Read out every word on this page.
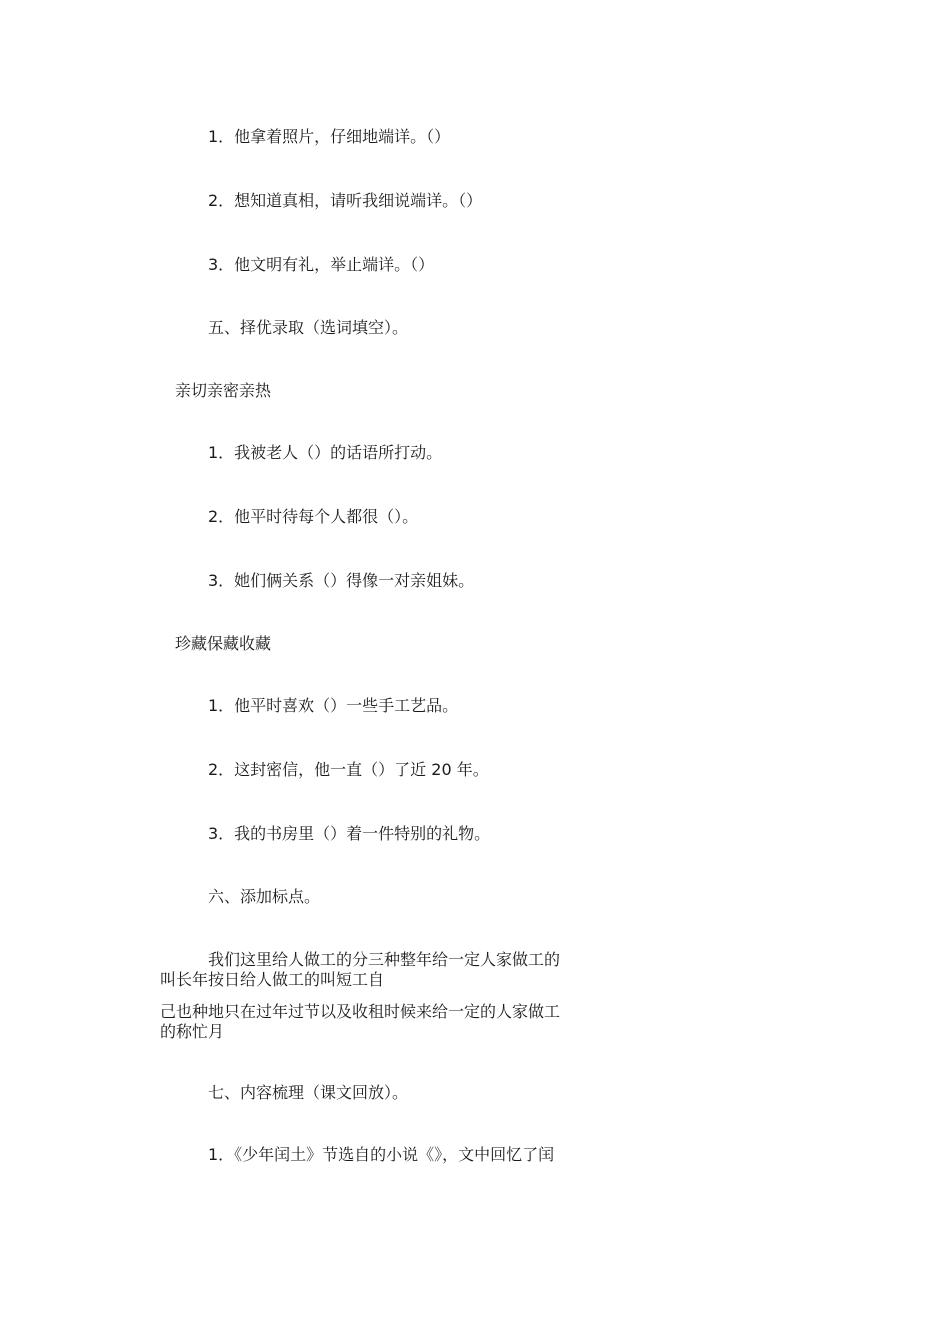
1．他拿着照片，仔细地端详。（）
2．想知道真相，请听我细说端详。（）
3．他文明有礼，举止端详。（）
五、择优录取（选词填空）。
亲切亲密亲热
1．我被老人（）的话语所打动。
2．他平时待每个人都很（）。
3．她们俩关系（）得像一对亲姐妹。
珍藏保藏收藏
1．他平时喜欢（）一些手工艺品。
2．这封密信，他一直（）了近 20 年。
3．我的书房里（）着一件特别的礼物。
六、添加标点。
我们这里给人做工的分三种整年给一定人家做工的
叫长年按日给人做工的叫短工自
己也种地只在过年过节以及收租时候来给一定的人家做工
的称忙月
七、内容梳理（课文回放）。
1．《少年闰土》节选自的小说《》，文中回忆了闰
